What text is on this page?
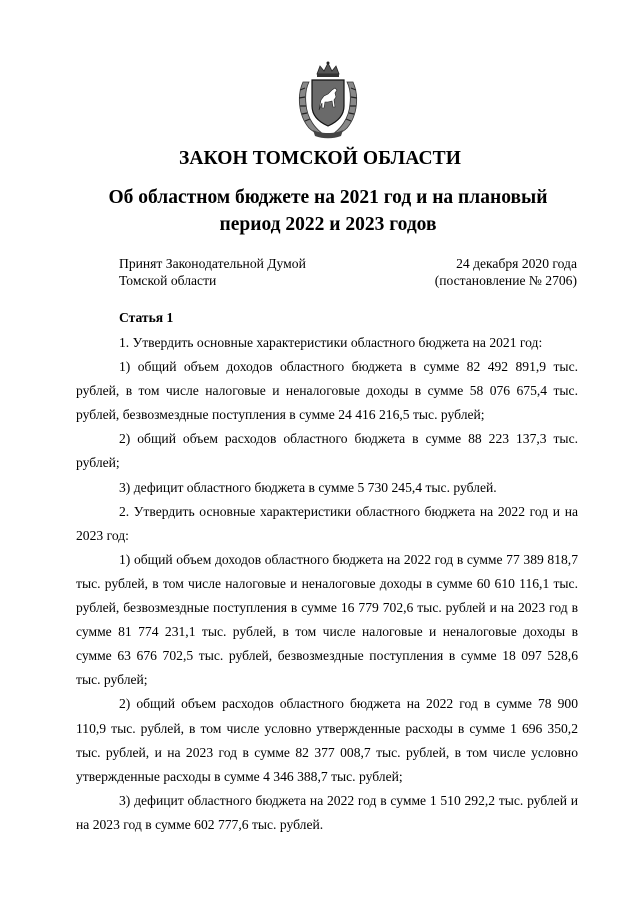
ЗАКОН ТОМСКОЙ ОБЛАСТИ
Об областном бюджете на 2021 год и на плановый
период 2022 и 2023 годов
Принят Законодательной Думой
Томской области
24 декабря 2020 года
(постановление № 2706)
Статья 1

1. Утвердить основные характеристики областного бюджета на 2021 год:

1) общий объем доходов областного бюджета в сумме 82 492 891,9 тыс. рублей, в том числе налоговые и неналоговые доходы в сумме 58 076 675,4 тыс. рублей, безвозмездные поступления в сумме 24 416 216,5 тыс. рублей;

2) общий объем расходов областного бюджета в сумме 88 223 137,3 тыс. рублей;

3) дефицит областного бюджета в сумме 5 730 245,4 тыс. рублей.

2. Утвердить основные характеристики областного бюджета на 2022 год и на 2023 год:

1) общий объем доходов областного бюджета на 2022 год в сумме 77 389 818,7 тыс. рублей, в том числе налоговые и неналоговые доходы в сумме 60 610 116,1 тыс. рублей, безвозмездные поступления в сумме 16 779 702,6 тыс. рублей и на 2023 год в сумме 81 774 231,1 тыс. рублей, в том числе налоговые и неналоговые доходы в сумме 63 676 702,5 тыс. рублей, безвозмездные поступления в сумме 18 097 528,6 тыс. рублей;

2) общий объем расходов областного бюджета на 2022 год в сумме 78 900 110,9 тыс. рублей, в том числе условно утвержденные расходы в сумме 1 696 350,2 тыс. рублей, и на 2023 год в сумме 82 377 008,7 тыс. рублей, в том числе условно утвержденные расходы в сумме 4 346 388,7 тыс. рублей;

3) дефицит областного бюджета на 2022 год в сумме 1 510 292,2 тыс. рублей и на 2023 год в сумме 602 777,6 тыс. рублей.
